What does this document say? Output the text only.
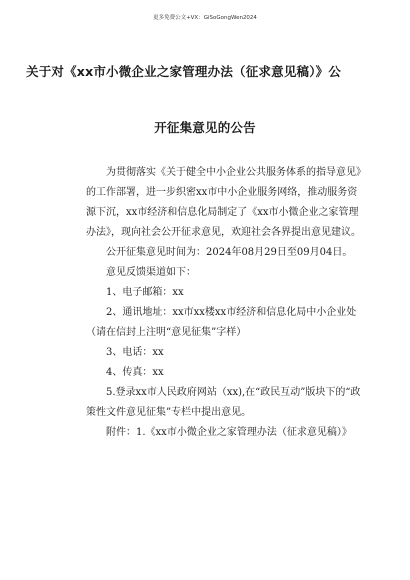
更多免费公文+VX：GiSoGongWen2024
关于对《xx市小微企业之家管理办法（征求意见稿）》公
开征集意见的公告

为贯彻落实《关于健全中小企业公共服务体系的指导意见》的工作部署，进一步织密xx市中小企业服务网络，推动服务资源下沉，xx市经济和信息化局制定了《xx市小微企业之家管理办法》，现向社会公开征求意见，欢迎社会各界提出意见建议。

公开征集意见时间为：2024年08月29日至09月04日。

意见反馈渠道如下：

1、电子邮箱：xx

2、通讯地址：xx市xx楼xx市经济和信息化局中小企业处（请在信封上注明“意见征集”字样）

3、电话：xx

4、传真：xx

5.登录xx市人民政府网站（xx),在“政民互动”版块下的“政策性文件意见征集”专栏中提出意见。

附件：1.《xx市小微企业之家管理办法（征求意见稿）》
